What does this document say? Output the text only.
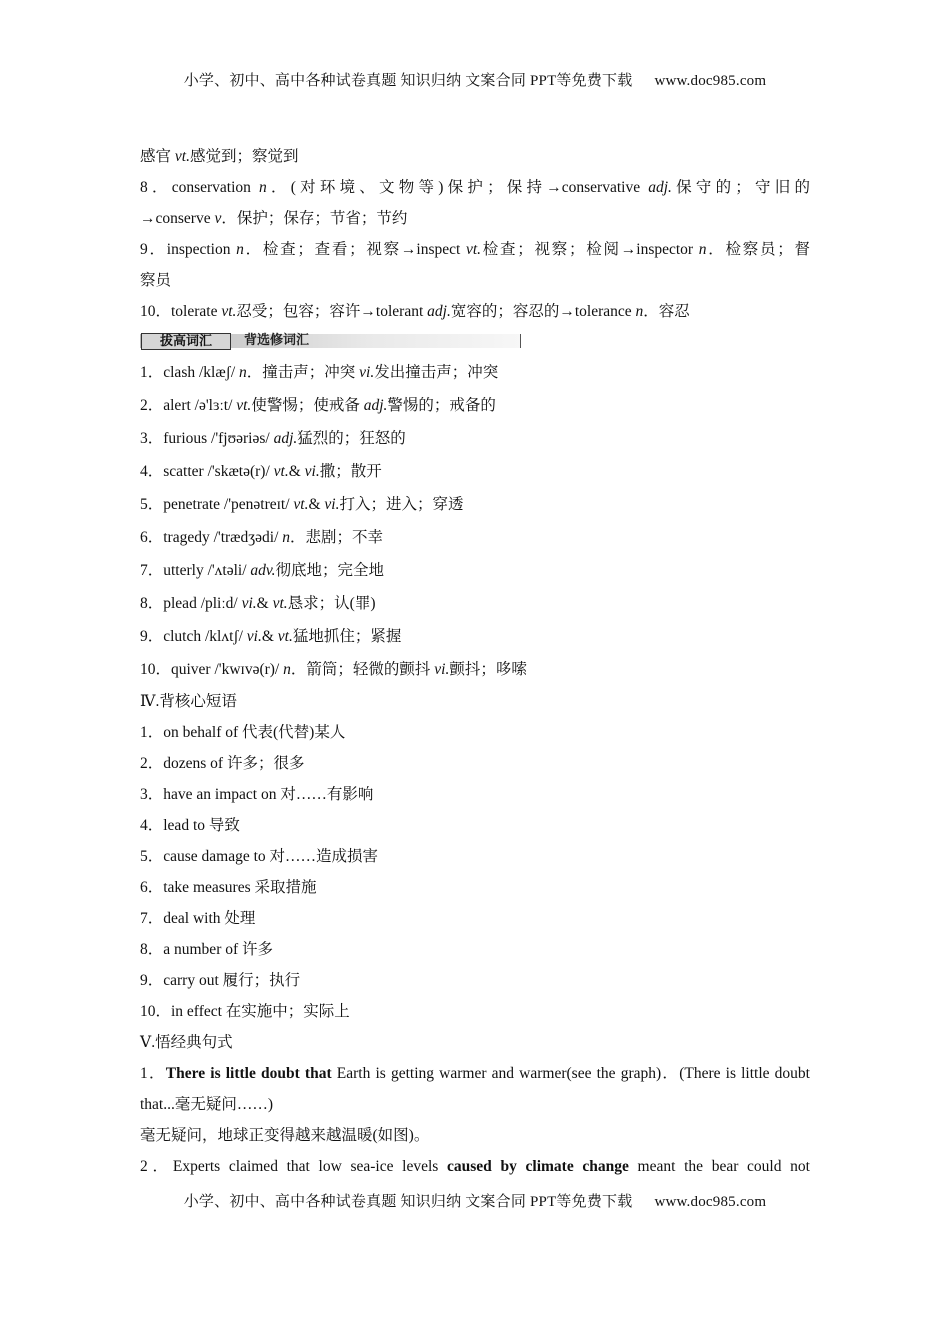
小学、初中、高中各种试卷真题 知识归纳 文案合同 PPT等免费下载 www.doc985.com
感官 vt.感觉到；察觉到
8．conservation n．(对环境、文物等)保护；保持→conservative adj.保守的；守旧的
→conserve v．保护；保存；节省；节约
9．inspection n．检查；查看；视察→inspect vt.检查；视察；检阅→inspector n．检察员；督
察员
10．tolerate vt.忍受；包容；容许→tolerant adj.宽容的；容忍的→tolerance n．容忍
拔高词汇	背选修词汇
1．clash /klæʃ/ n．撞击声；冲突 vi.发出撞击声；冲突
2．alert /ə'lɜːt/ vt.使警惕；使戒备 adj.警惕的；戒备的
3．furious /'fjʊəriəs/ adj.猛烈的；狂怒的
4．scatter /'skætə(r)/ vt.& vi.撒；散开
5．penetrate /'penətreɪt/ vt.& vi.打入；进入；穿透
6．tragedy /'trædʒədi/ n．悲剧；不幸
7．utterly /'ʌtəli/ adv.彻底地；完全地
8．plead /pliːd/ vi.& vt.恳求；认(罪)
9．clutch /klʌtʃ/ vi.& vt.猛地抓住；紧握
10．quiver /'kwɪvə(r)/ n．箭筒；轻微的颤抖 vi.颤抖；哆嗦
Ⅳ.背核心短语
1．on behalf of 代表(代替)某人
2．dozens of 许多；很多
3．have an impact on 对……有影响
4．lead to 导致
5．cause damage to 对……造成损害
6．take measures 采取措施
7．deal with 处理
8．a number of 许多
9．carry out 履行；执行
10．in effect 在实施中；实际上
Ⅴ.悟经典句式
1．There is little doubt that Earth is getting warmer and warmer(see the graph)．(There is little doubt that...毫无疑问……)
毫无疑问，地球正变得越来越温暖(如图)。
2．Experts claimed that low sea-ice levels caused by climate change meant the bear could not
小学、初中、高中各种试卷真题 知识归纳 文案合同 PPT等免费下载 www.doc985.com
